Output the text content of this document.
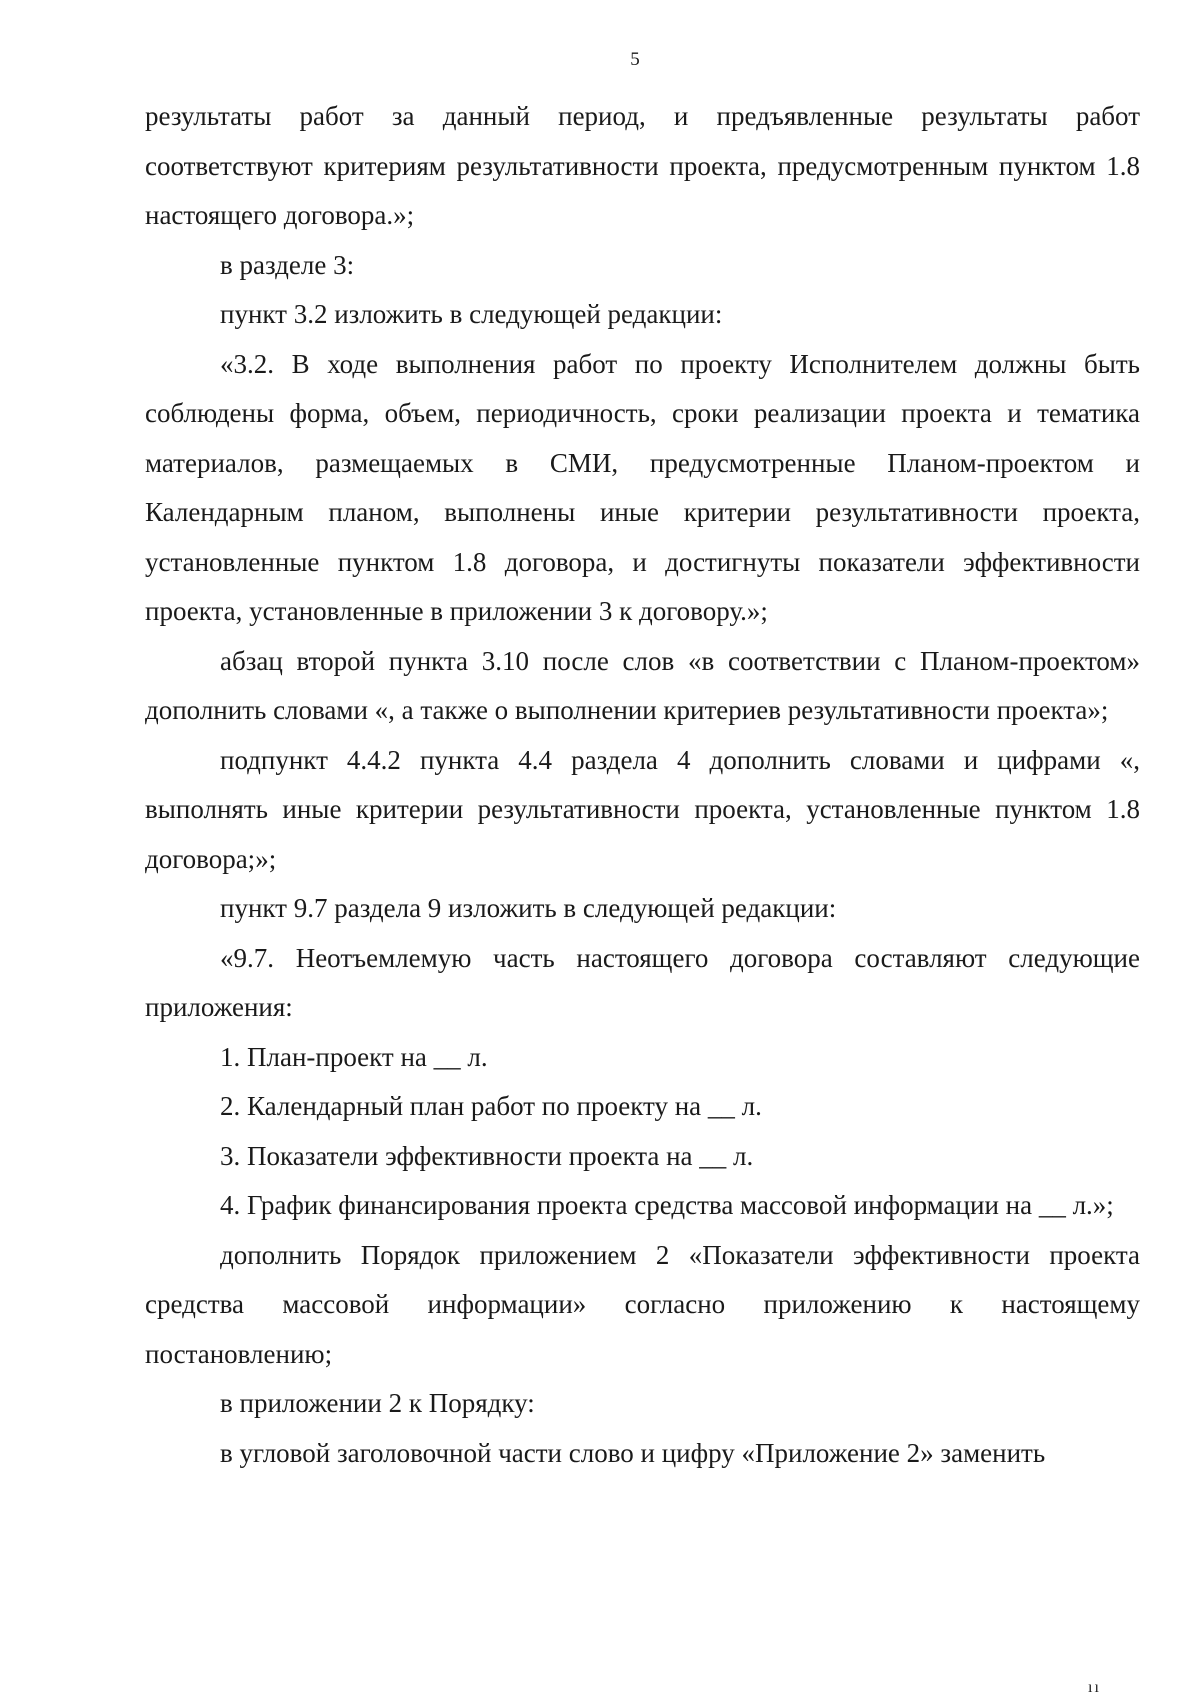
5

результаты работ за данный период, и предъявленные результаты работ соответствуют критериям результативности проекта, предусмотренным пунктом 1.8 настоящего договора.»;

в разделе 3:

пункт 3.2 изложить в следующей редакции:

«3.2. В ходе выполнения работ по проекту Исполнителем должны быть соблюдены форма, объем, периодичность, сроки реализации проекта и тематика материалов, размещаемых в СМИ, предусмотренные Планом-проектом и Календарным планом, выполнены иные критерии результативности проекта, установленные пунктом 1.8 договора, и достигнуты показатели эффективности проекта, установленные в приложении 3 к договору.»;

абзац второй пункта 3.10 после слов «в соответствии с Планом-проектом» дополнить словами «, а также о выполнении критериев результативности проекта»;

подпункт 4.4.2 пункта 4.4 раздела 4 дополнить словами и цифрами «, выполнять иные критерии результативности проекта, установленные пунктом 1.8 договора;»;

пункт 9.7 раздела 9 изложить в следующей редакции:

«9.7. Неотъемлемую часть настоящего договора составляют следующие приложения:

1. План-проект на __ л.

2. Календарный план работ по проекту на __ л.

3. Показатели эффективности проекта на __ л.

4. График финансирования проекта средства массовой информации на __ л.»;

дополнить Порядок приложением 2 «Показатели эффективности проекта средства массовой информации» согласно приложению к настоящему постановлению;

в приложении 2 к Порядку:

в угловой заголовочной части слово и цифру «Приложение 2» заменить

ıı
